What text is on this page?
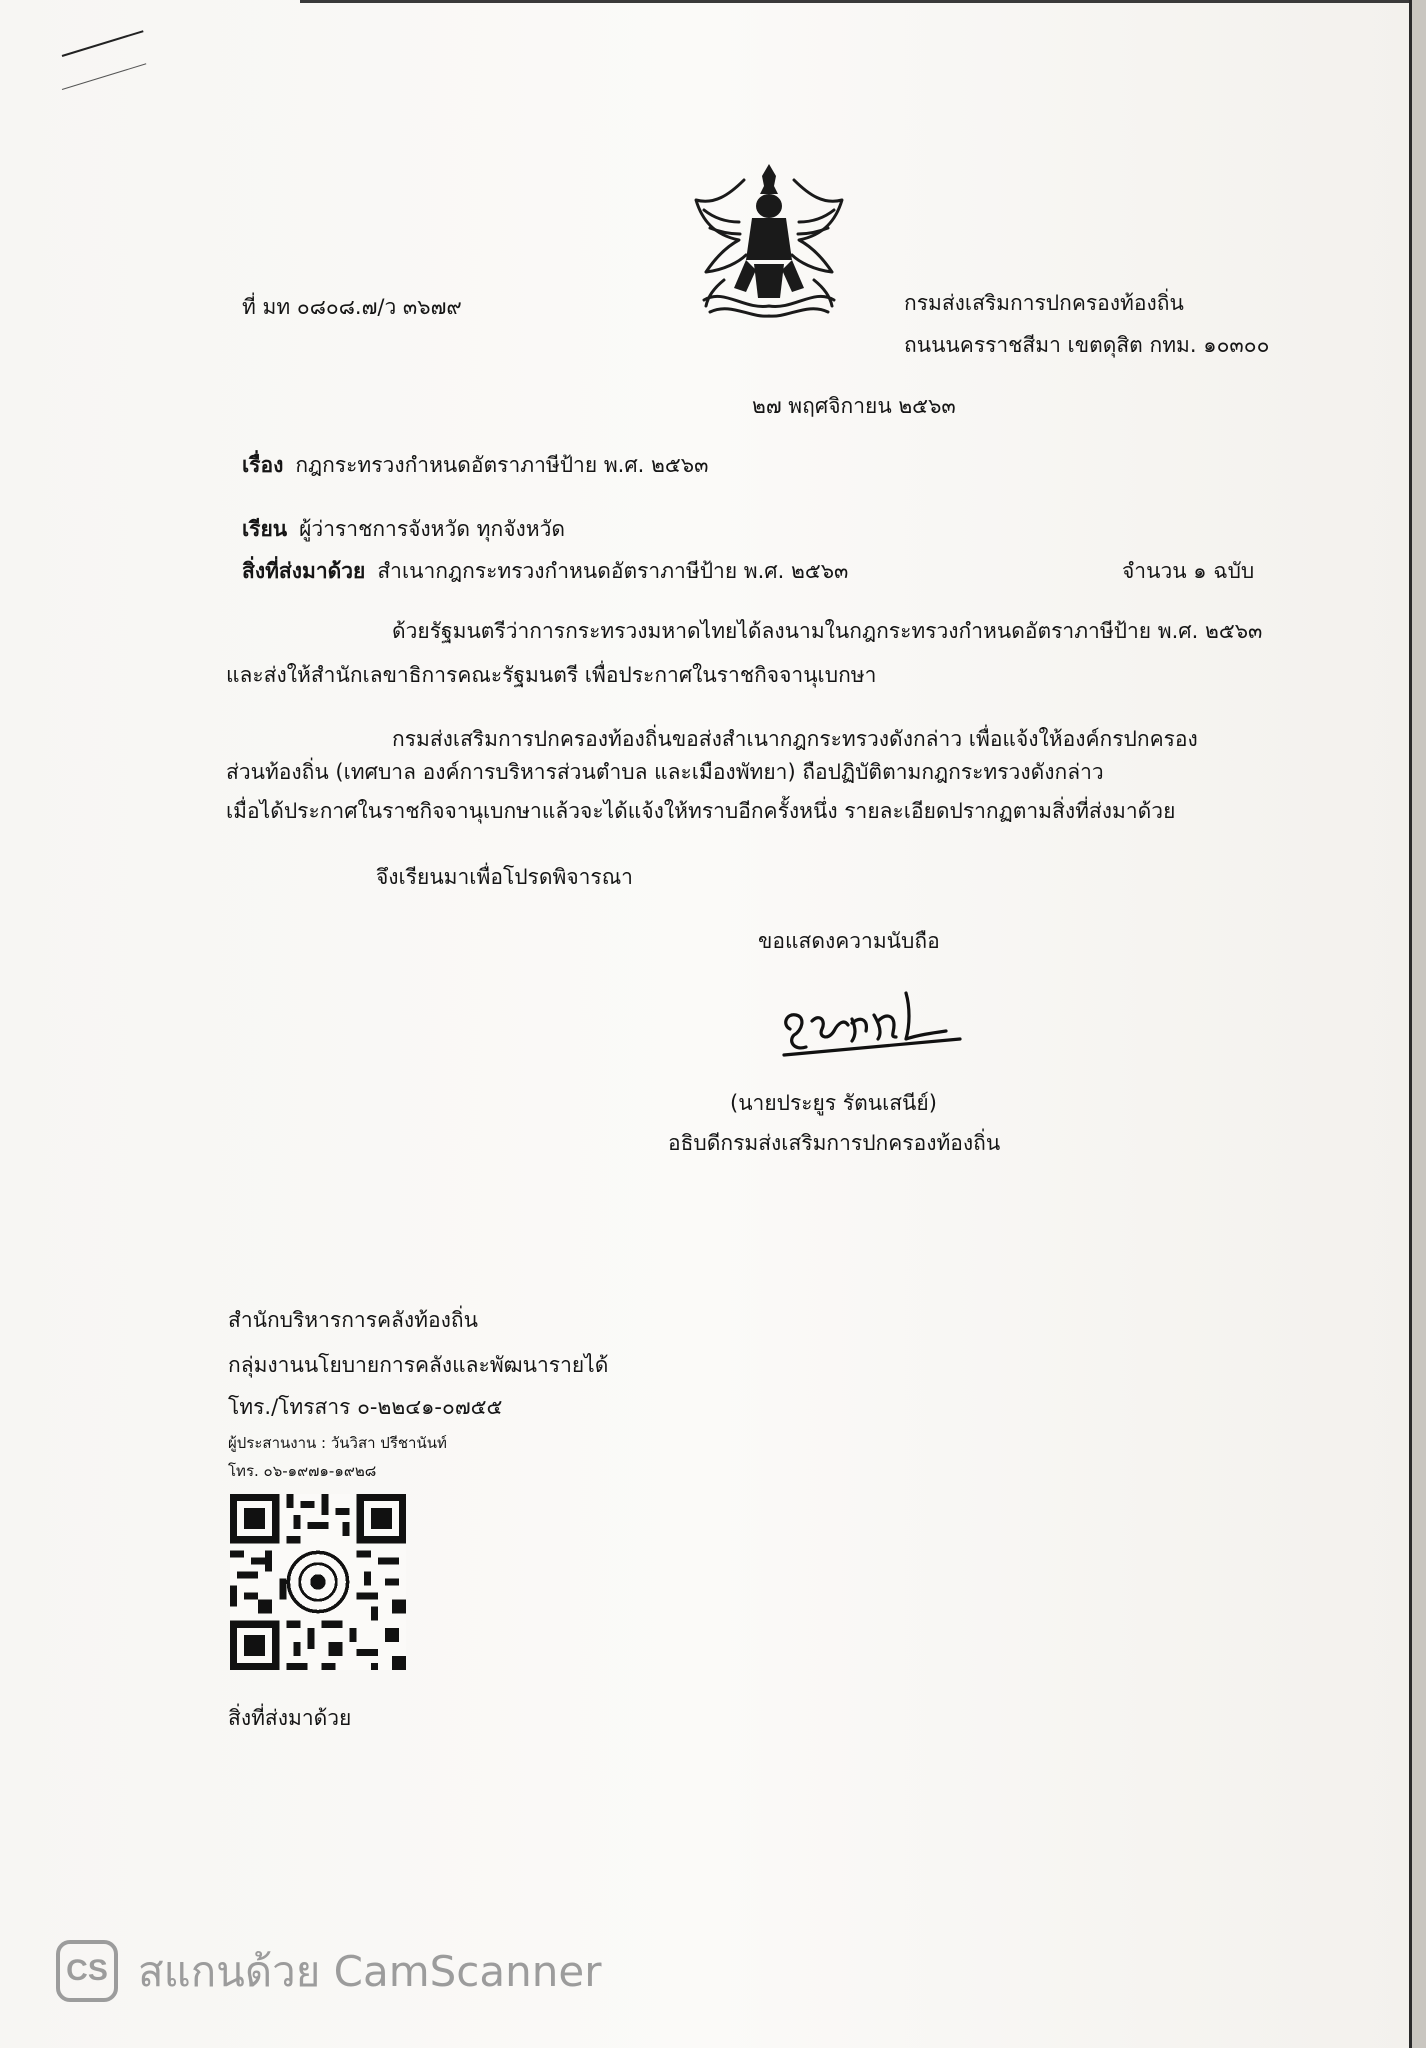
ที่ มท ๐๘๐๘.๗/ว ๓๖๗๙	กรมส่งเสริมการปกครองท้องถิ่น
ถนนนครราชสีมา เขตดุสิต กทม. ๑๐๓๐๐
๒๗ พฤศจิกายน ๒๕๖๓
เรื่อง กฎกระทรวงกำหนดอัตราภาษีป้าย พ.ศ. ๒๕๖๓
เรียน ผู้ว่าราชการจังหวัด ทุกจังหวัด
สิ่งที่ส่งมาด้วย สำเนากฎกระทรวงกำหนดอัตราภาษีป้าย พ.ศ. ๒๕๖๓	จำนวน ๑ ฉบับ
ด้วยรัฐมนตรีว่าการกระทรวงมหาดไทยได้ลงนามในกฎกระทรวงกำหนดอัตราภาษีป้าย พ.ศ. ๒๕๖๓
และส่งให้สำนักเลขาธิการคณะรัฐมนตรี เพื่อประกาศในราชกิจจานุเบกษา
กรมส่งเสริมการปกครองท้องถิ่นขอส่งสำเนากฎกระทรวงดังกล่าว เพื่อแจ้งให้องค์กรปกครอง
ส่วนท้องถิ่น (เทศบาล องค์การบริหารส่วนตำบล และเมืองพัทยา) ถือปฏิบัติตามกฎกระทรวงดังกล่าว
เมื่อได้ประกาศในราชกิจจานุเบกษาแล้วจะได้แจ้งให้ทราบอีกครั้งหนึ่ง รายละเอียดปรากฏตามสิ่งที่ส่งมาด้วย
จึงเรียนมาเพื่อโปรดพิจารณา
ขอแสดงความนับถือ
(นายประยูร รัตนเสนีย์)
อธิบดีกรมส่งเสริมการปกครองท้องถิ่น
สำนักบริหารการคลังท้องถิ่น
กลุ่มงานนโยบายการคลังและพัฒนารายได้
โทร./โทรสาร ๐-๒๒๔๑-๐๗๕๕
ผู้ประสานงาน : วันวิสา ปรีชานันท์
โทร. ๐๖-๑๙๗๑-๑๙๒๘
สิ่งที่ส่งมาด้วย
CS สแกนด้วย CamScanner
